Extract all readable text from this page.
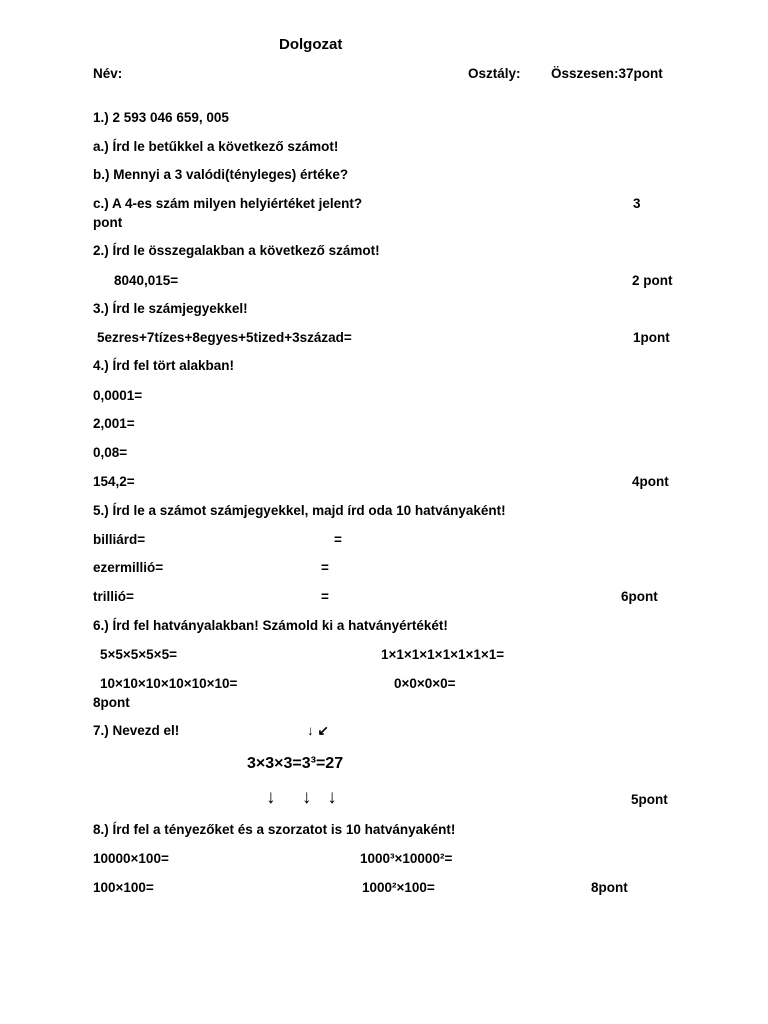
Dolgozat
Név:	Osztály: Összesen:37pont
1.) 2 593 046 659, 005
a.) Írd le betűkkel a következő számot!
b.) Mennyi a 3 valódi(tényleges) értéke?
c.) A 4-es szám milyen helyiértéket jelent?	3
pont
2.) Írd le összegalakban a következő számot!
8040,015=	2 pont
3.) Írd le számjegyekkel!
5ezres+7tízes+8egyes+5tized+3század=	1pont
4.) Írd fel tört alakban!
0,0001=
2,001=
0,08=
154,2=	4pont
5.) Írd le a számot számjegyekkel, majd írd oda 10 hatványaként!
billiárd=	=
ezermillió=	=
trillió=	=	6pont
6.) Írd fel hatványalakban! Számold ki a hatványértékét!
5×5×5×5×5=	1×1×1×1×1×1×1×1=
10×10×10×10×10×10=	0×0×0×0=
8pont
7.) Nevezd el!	↓ ↙
3×3×3=3³=27
↓     ↓   ↓	5pont
8.) Írd fel a tényezőket és a szorzatot is 10 hatványaként!
10000×100=	1000³×10000²=
100×100=	1000²×100=	8pont
